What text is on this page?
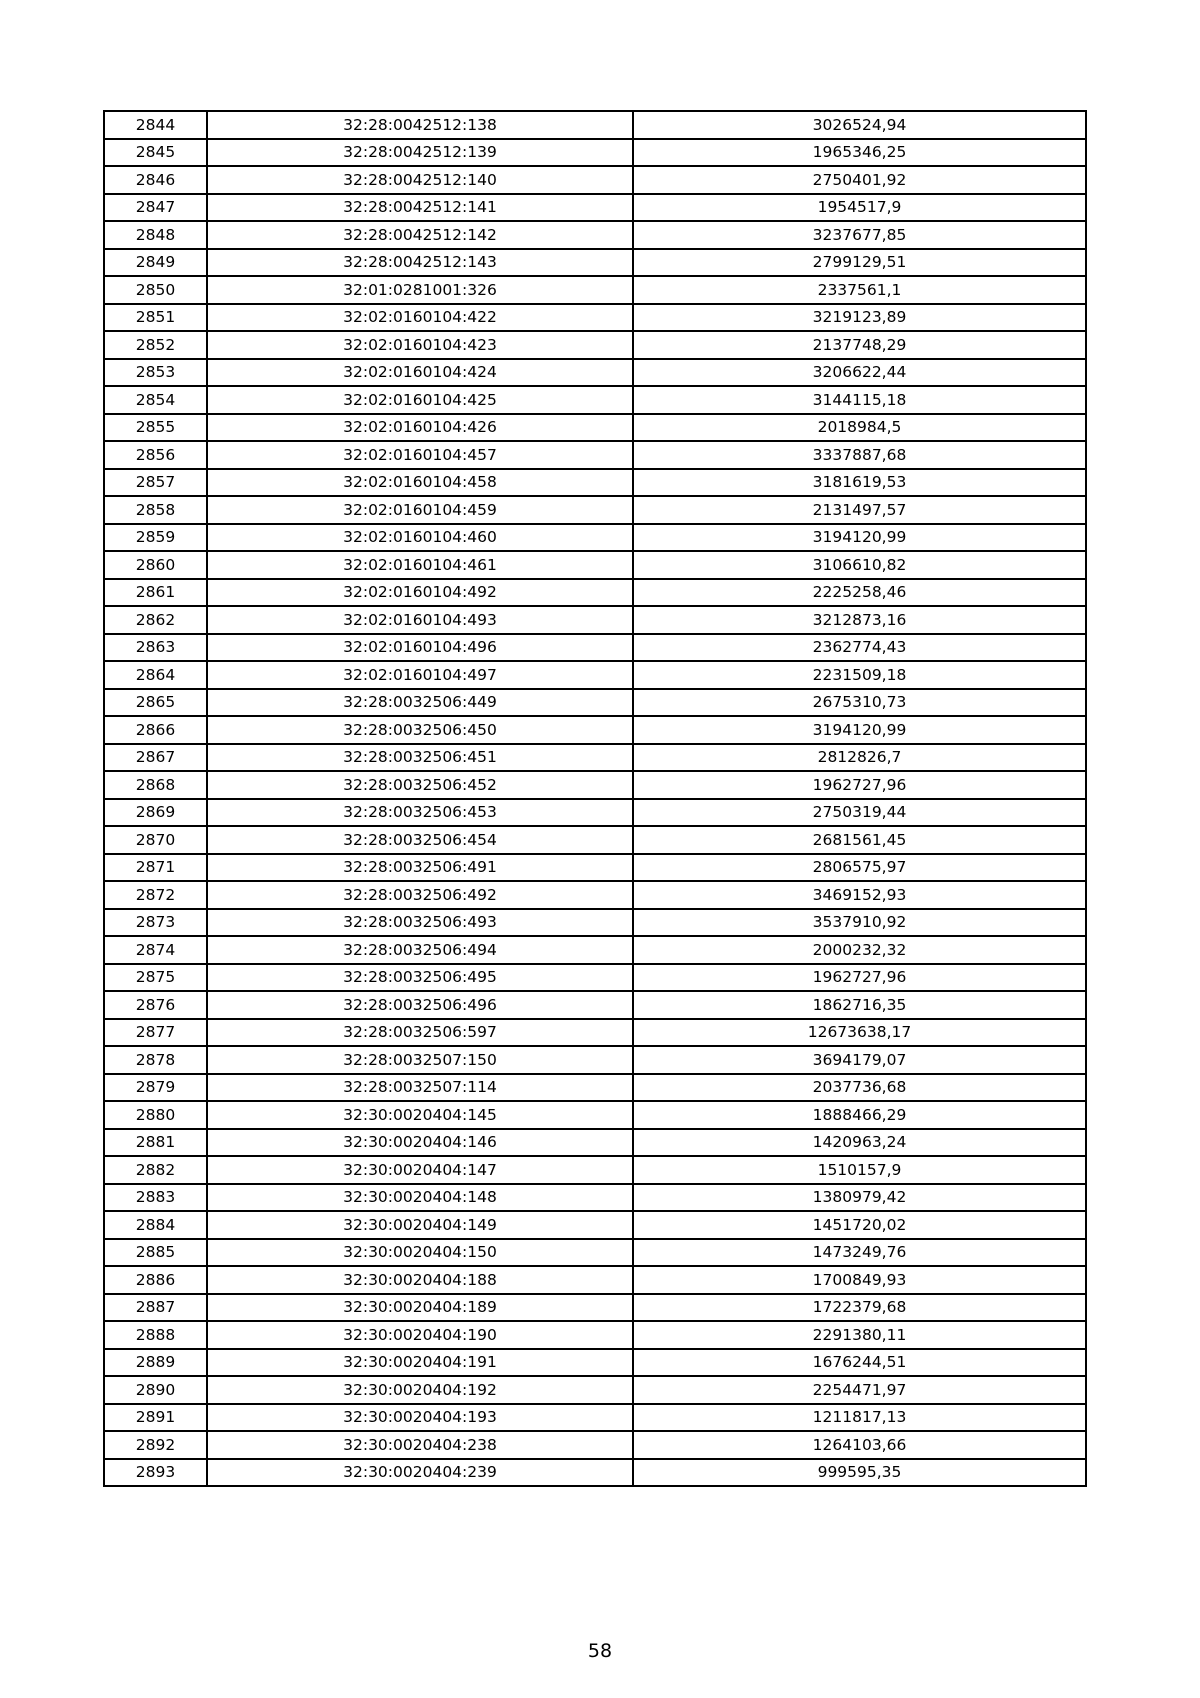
2844	32:28:0042512:138	3026524,94
2845	32:28:0042512:139	1965346,25
2846	32:28:0042512:140	2750401,92
2847	32:28:0042512:141	1954517,9
2848	32:28:0042512:142	3237677,85
2849	32:28:0042512:143	2799129,51
2850	32:01:0281001:326	2337561,1
2851	32:02:0160104:422	3219123,89
2852	32:02:0160104:423	2137748,29
2853	32:02:0160104:424	3206622,44
2854	32:02:0160104:425	3144115,18
2855	32:02:0160104:426	2018984,5
2856	32:02:0160104:457	3337887,68
2857	32:02:0160104:458	3181619,53
2858	32:02:0160104:459	2131497,57
2859	32:02:0160104:460	3194120,99
2860	32:02:0160104:461	3106610,82
2861	32:02:0160104:492	2225258,46
2862	32:02:0160104:493	3212873,16
2863	32:02:0160104:496	2362774,43
2864	32:02:0160104:497	2231509,18
2865	32:28:0032506:449	2675310,73
2866	32:28:0032506:450	3194120,99
2867	32:28:0032506:451	2812826,7
2868	32:28:0032506:452	1962727,96
2869	32:28:0032506:453	2750319,44
2870	32:28:0032506:454	2681561,45
2871	32:28:0032506:491	2806575,97
2872	32:28:0032506:492	3469152,93
2873	32:28:0032506:493	3537910,92
2874	32:28:0032506:494	2000232,32
2875	32:28:0032506:495	1962727,96
2876	32:28:0032506:496	1862716,35
2877	32:28:0032506:597	12673638,17
2878	32:28:0032507:150	3694179,07
2879	32:28:0032507:114	2037736,68
2880	32:30:0020404:145	1888466,29
2881	32:30:0020404:146	1420963,24
2882	32:30:0020404:147	1510157,9
2883	32:30:0020404:148	1380979,42
2884	32:30:0020404:149	1451720,02
2885	32:30:0020404:150	1473249,76
2886	32:30:0020404:188	1700849,93
2887	32:30:0020404:189	1722379,68
2888	32:30:0020404:190	2291380,11
2889	32:30:0020404:191	1676244,51
2890	32:30:0020404:192	2254471,97
2891	32:30:0020404:193	1211817,13
2892	32:30:0020404:238	1264103,66
2893	32:30:0020404:239	999595,35
58
